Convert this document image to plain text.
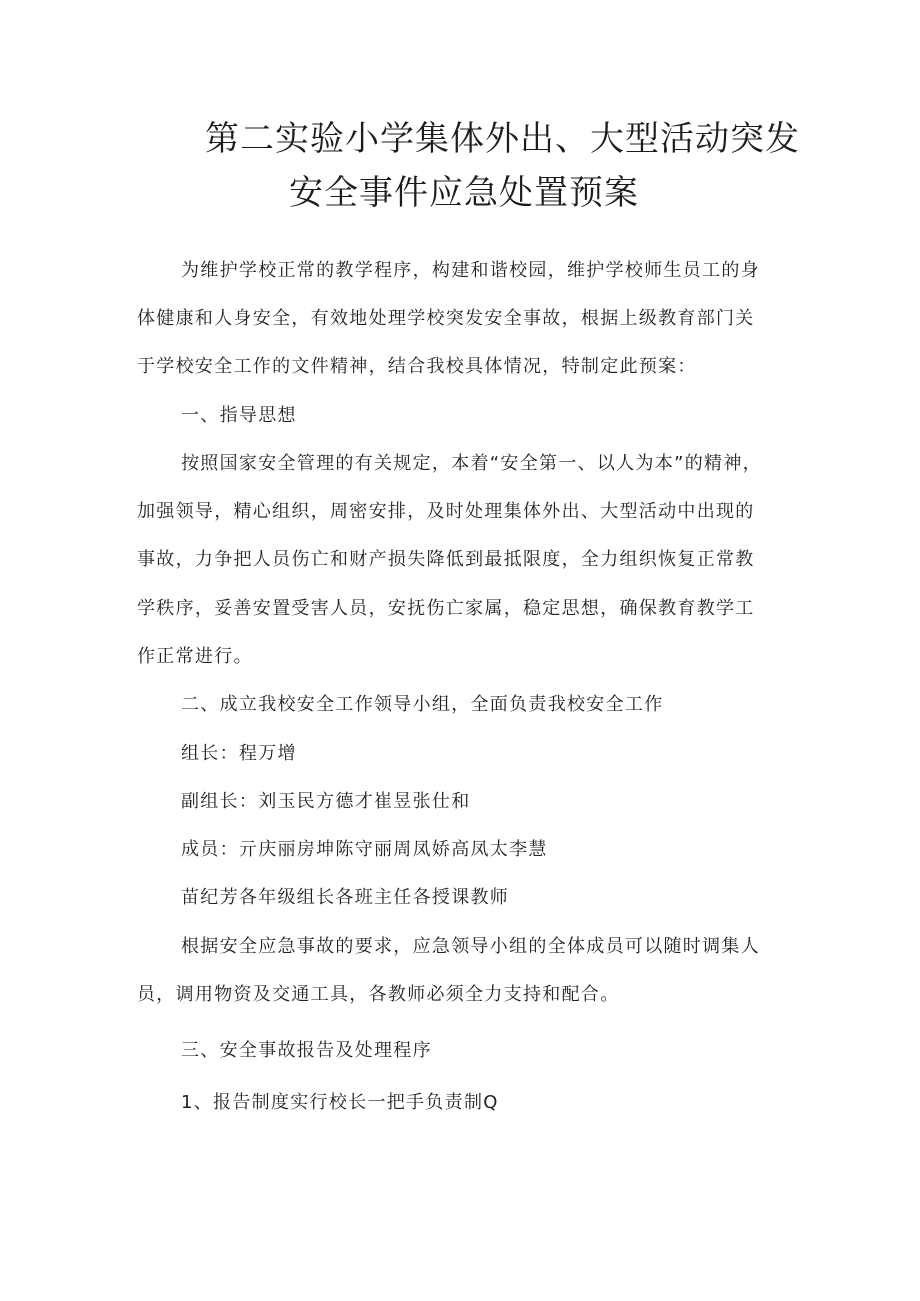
第二实验小学集体外出、大型活动突发
安全事件应急处置预案

为维护学校正常的教学程序，构建和谐校园，维护学校师生员工的身

体健康和人身安全，有效地处理学校突发安全事故，根据上级教育部门关

于学校安全工作的文件精神，结合我校具体情况，特制定此预案：

一、指导思想

按照国家安全管理的有关规定，本着“安全第一、以人为本”的精神，

加强领导，精心组织，周密安排，及时处理集体外出、大型活动中出现的

事故，力争把人员伤亡和财产损失降低到最抵限度，全力组织恢复正常教

学秩序，妥善安置受害人员，安抚伤亡家属，稳定思想，确保教育教学工

作正常进行。

二、成立我校安全工作领导小组，全面负责我校安全工作

组长：程万增

副组长：刘玉民方德才崔昱张仕和

成员：亓庆丽房坤陈守丽周凤娇高凤太李慧

苗纪芳各年级组长各班主任各授课教师

根据安全应急事故的要求，应急领导小组的全体成员可以随时调集人

员，调用物资及交通工具，各教师必须全力支持和配合。

三、安全事故报告及处理程序

1、报告制度实行校长一把手负责制Q
